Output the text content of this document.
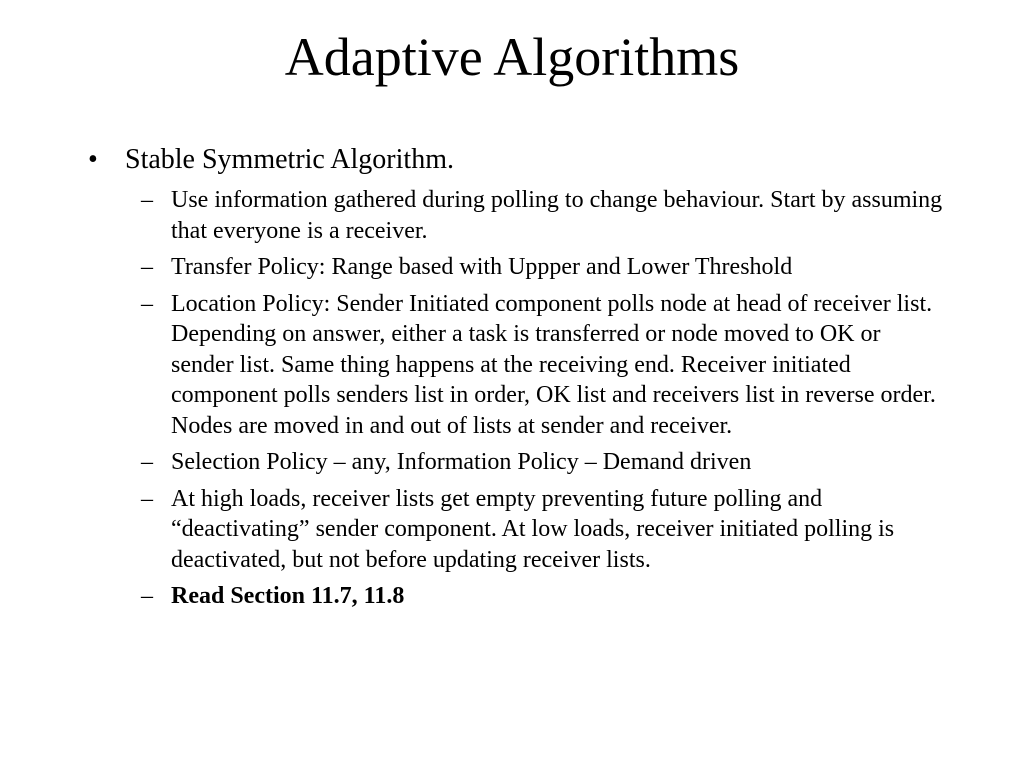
Adaptive Algorithms
• Stable Symmetric Algorithm.
– Use information gathered during polling to change behaviour. Start by assuming that everyone is a receiver.
– Transfer Policy: Range based with Uppper and Lower Threshold
– Location Policy: Sender Initiated component polls node at head of receiver list. Depending on answer, either a task is transferred or node moved to OK or sender list. Same thing happens at the receiving end. Receiver initiated component polls senders list in order, OK list and receivers list in reverse order. Nodes are moved in and out of lists at sender and receiver.
– Selection Policy – any, Information Policy – Demand driven
– At high loads, receiver lists get empty preventing future polling and “deactivating” sender component. At low loads, receiver initiated polling is deactivated, but not before updating receiver lists.
– Read Section 11.7, 11.8
